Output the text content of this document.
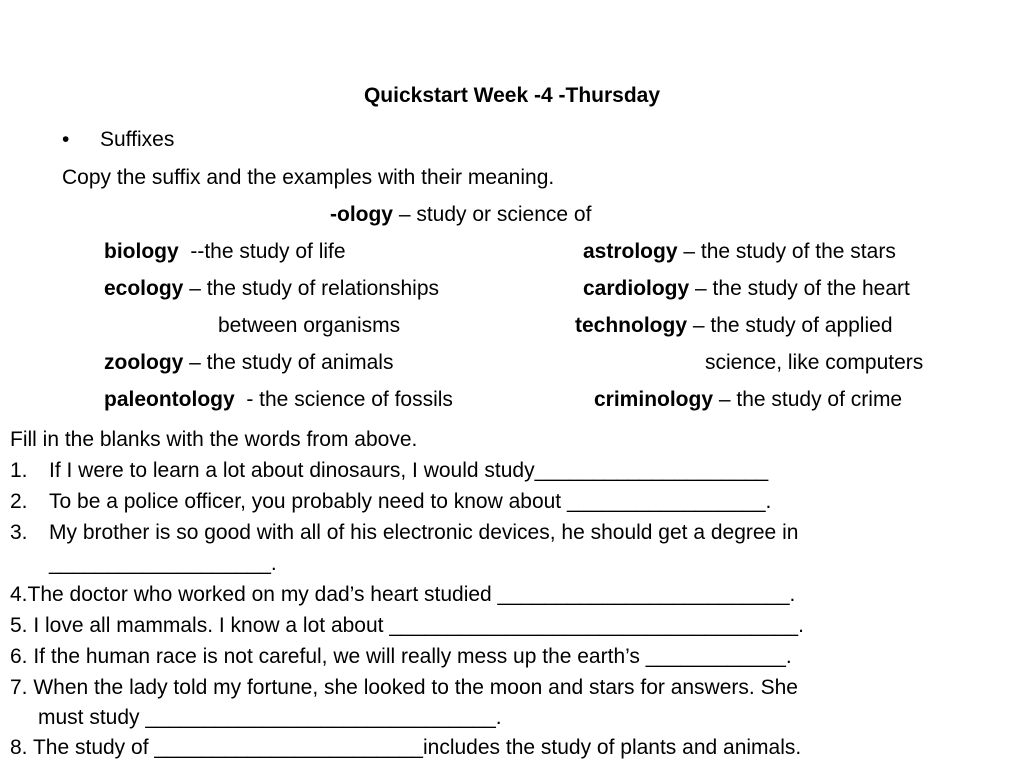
Quickstart Week -4 -Thursday
• Suffixes
Copy the suffix and the examples with their meaning.
-ology – study or science of
biology  --the study of life
ecology – the study of relationships
between organisms
zoology – the study of animals
paleontology  - the science of fossils
astrology – the study of the stars
cardiology – the study of the heart
technology – the study of applied
science, like computers
criminology – the study of crime
Fill in the blanks with the words from above.
1. If I were to learn a lot about dinosaurs, I would study____________________
2. To be a police officer, you probably need to know about _________________.
3. My brother is so good with all of his electronic devices, he should get a degree in
___________________.
4.The doctor who worked on my dad’s heart studied _________________________.
5. I love all mammals. I know a lot about ___________________________________.
6. If the human race is not careful, we will really mess up the earth’s ____________.
7. When the lady told my fortune, she looked to the moon and stars for answers. She
must study ______________________________.
8. The study of _______________________includes the study of plants and animals.
